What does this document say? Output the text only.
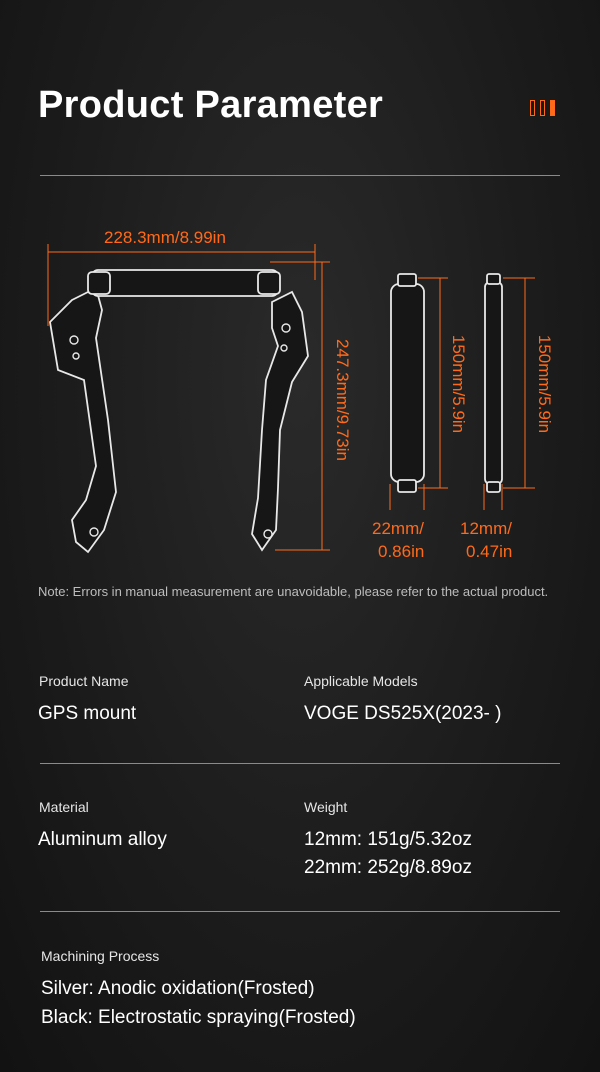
Product Parameter
228.3mm/8.99in
247.3mm/9.73in	150mm/5.9in	150mm/5.9in
22mm/
0.86in
12mm/
0.47in
Note: Errors in manual measurement are unavoidable, please refer to the actual product.
Product Name
GPS mount
Applicable Models
VOGE DS525X(2023- )
Material
Aluminum alloy
Weight
12mm: 151g/5.32oz
22mm: 252g/8.89oz
Machining Process
Silver: Anodic oxidation(Frosted)
Black: Electrostatic spraying(Frosted)
